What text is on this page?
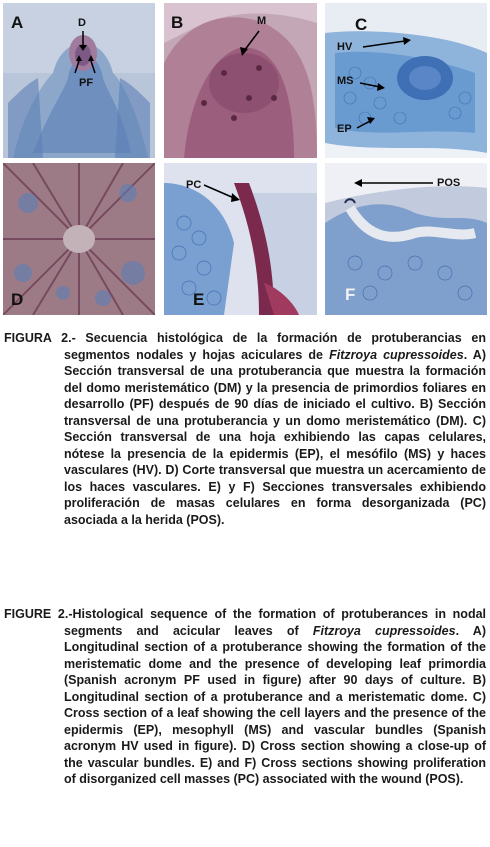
A	D
PF
B	M	C
HV
MS
EP
D	E
PC
F
POS
FIGURA 2.- Secuencia histológica de la formación de protuberancias en segmentos nodales y hojas aciculares de Fitzroya cupressoides. A) Sección transversal de una protuberancia que muestra la formación del domo meristemático (DM) y la presencia de primordios foliares en desarrollo (PF) después de 90 días de iniciado el cultivo. B) Sección transversal de una protuberancia y un domo meristemático (DM). C) Sección transversal de una hoja exhibiendo las capas celulares, nótese la presencia de la epidermis (EP), el mesófilo (MS) y haces vasculares (HV). D) Corte transversal que muestra un acercamiento de los haces vasculares. E) y F) Secciones transversales exhibiendo proliferación de masas celulares en forma desorganizada (PC) asociada a la herida (POS).
FIGURE 2.-Histological sequence of the formation of protuberances in nodal segments and acicular leaves of Fitzroya cupressoides. A) Longitudinal section of a protuberance showing the formation of the meristematic dome and the presence of developing leaf primordia (Spanish acronym PF used in figure) after 90 days of culture. B) Longitudinal section of a protuberance and a meristematic dome. C) Cross section of a leaf showing the cell layers and the presence of the epidermis (EP), mesophyll (MS) and vascular bundles (Spanish acronym HV used in figure). D) Cross section showing a close-up of the vascular bundles. E) and F) Cross sections showing proliferation of disorganized cell masses (PC) associated with the wound (POS).
